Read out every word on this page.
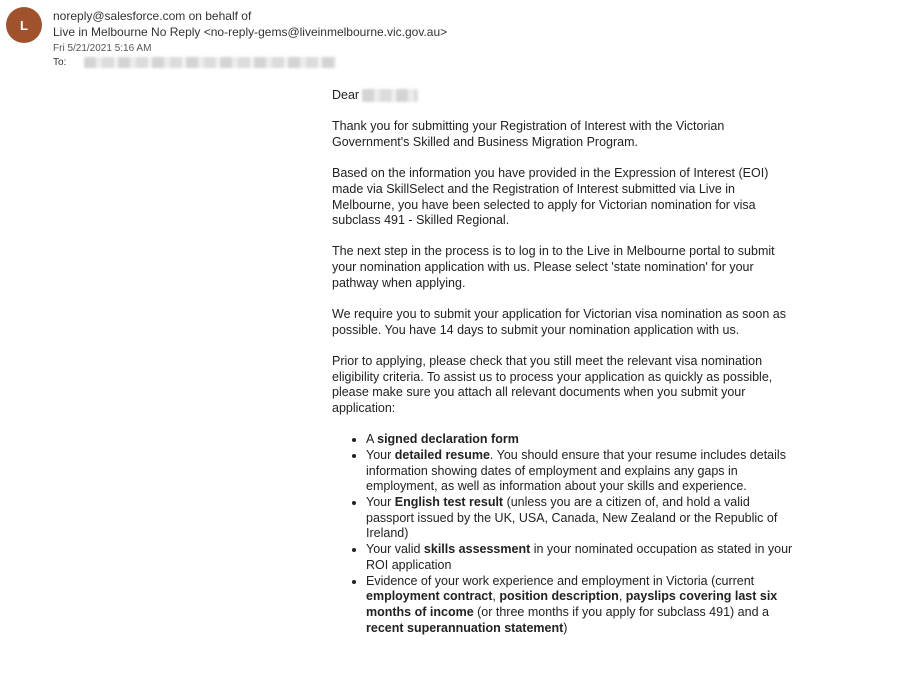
L
noreply@salesforce.com on behalf of
Live in Melbourne No Reply <no-reply-gems@liveinmelbourne.vic.gov.au>
Fri 5/21/2021 5:16 AM
To:

Dear

Thank you for submitting your Registration of Interest with the Victorian Government's Skilled and Business Migration Program.

Based on the information you have provided in the Expression of Interest (EOI) made via SkillSelect and the Registration of Interest submitted via Live in Melbourne, you have been selected to apply for Victorian nomination for visa subclass 491 - Skilled Regional.

The next step in the process is to log in to the Live in Melbourne portal to submit your nomination application with us. Please select 'state nomination' for your pathway when applying.

We require you to submit your application for Victorian visa nomination as soon as possible. You have 14 days to submit your nomination application with us.

Prior to applying, please check that you still meet the relevant visa nomination eligibility criteria. To assist us to process your application as quickly as possible, please make sure you attach all relevant documents when you submit your application:

• A signed declaration form
• Your detailed resume. You should ensure that your resume includes details information showing dates of employment and explains any gaps in employment, as well as information about your skills and experience.
• Your English test result (unless you are a citizen of, and hold a valid passport issued by the UK, USA, Canada, New Zealand or the Republic of Ireland)
• Your valid skills assessment in your nominated occupation as stated in your ROI application
• Evidence of your work experience and employment in Victoria (current employment contract, position description, payslips covering last six months of income (or three months if you apply for subclass 491) and a recent superannuation statement)
